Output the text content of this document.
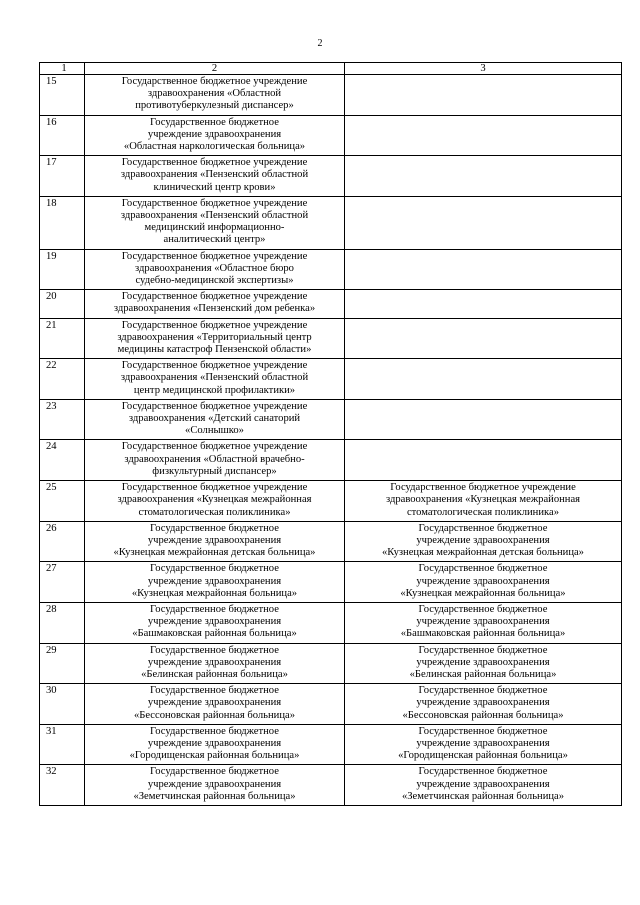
2
1	2	3
15	Государственное бюджетное учреждение
здравоохранения «Областной
противотуберкулезный диспансер»	
16	Государственное бюджетное
учреждение здравоохранения
«Областная наркологическая больница»	
17	Государственное бюджетное учреждение
здравоохранения «Пензенский областной
клинический центр крови»	
18	Государственное бюджетное учреждение
здравоохранения «Пензенский областной
медицинский информационно-
аналитический центр»	
19	Государственное бюджетное учреждение
здравоохранения «Областное бюро
судебно-медицинской экспертизы»	
20	Государственное бюджетное учреждение
здравоохранения «Пензенский дом ребенка»	
21	Государственное бюджетное учреждение
здравоохранения «Территориальный центр
медицины катастроф Пензенской области»	
22	Государственное бюджетное учреждение
здравоохранения «Пензенский областной
центр медицинской профилактики»	
23	Государственное бюджетное учреждение
здравоохранения «Детский санаторий
«Солнышко»	
24	Государственное бюджетное учреждение
здравоохранения «Областной врачебно-
физкультурный диспансер»	
25	Государственное бюджетное учреждение
здравоохранения «Кузнецкая межрайонная
стоматологическая поликлиника»	Государственное бюджетное учреждение
здравоохранения «Кузнецкая межрайонная
стоматологическая поликлиника»
26	Государственное бюджетное
учреждение здравоохранения
«Кузнецкая межрайонная детская больница»	Государственное бюджетное
учреждение здравоохранения
«Кузнецкая межрайонная детская больница»
27	Государственное бюджетное
учреждение здравоохранения
«Кузнецкая межрайонная больница»	Государственное бюджетное
учреждение здравоохранения
«Кузнецкая межрайонная больница»
28	Государственное бюджетное
учреждение здравоохранения
«Башмаковская районная больница»	Государственное бюджетное
учреждение здравоохранения
«Башмаковская районная больница»
29	Государственное бюджетное
учреждение здравоохранения
«Белинская районная больница»	Государственное бюджетное
учреждение здравоохранения
«Белинская районная больница»
30	Государственное бюджетное
учреждение здравоохранения
«Бессоновская районная больница»	Государственное бюджетное
учреждение здравоохранения
«Бессоновская районная больница»
31	Государственное бюджетное
учреждение здравоохранения
«Городищенская районная больница»	Государственное бюджетное
учреждение здравоохранения
«Городищенская районная больница»
32	Государственное бюджетное
учреждение здравоохранения
«Земетчинская районная больница»	Государственное бюджетное
учреждение здравоохранения
«Земетчинская районная больница»
